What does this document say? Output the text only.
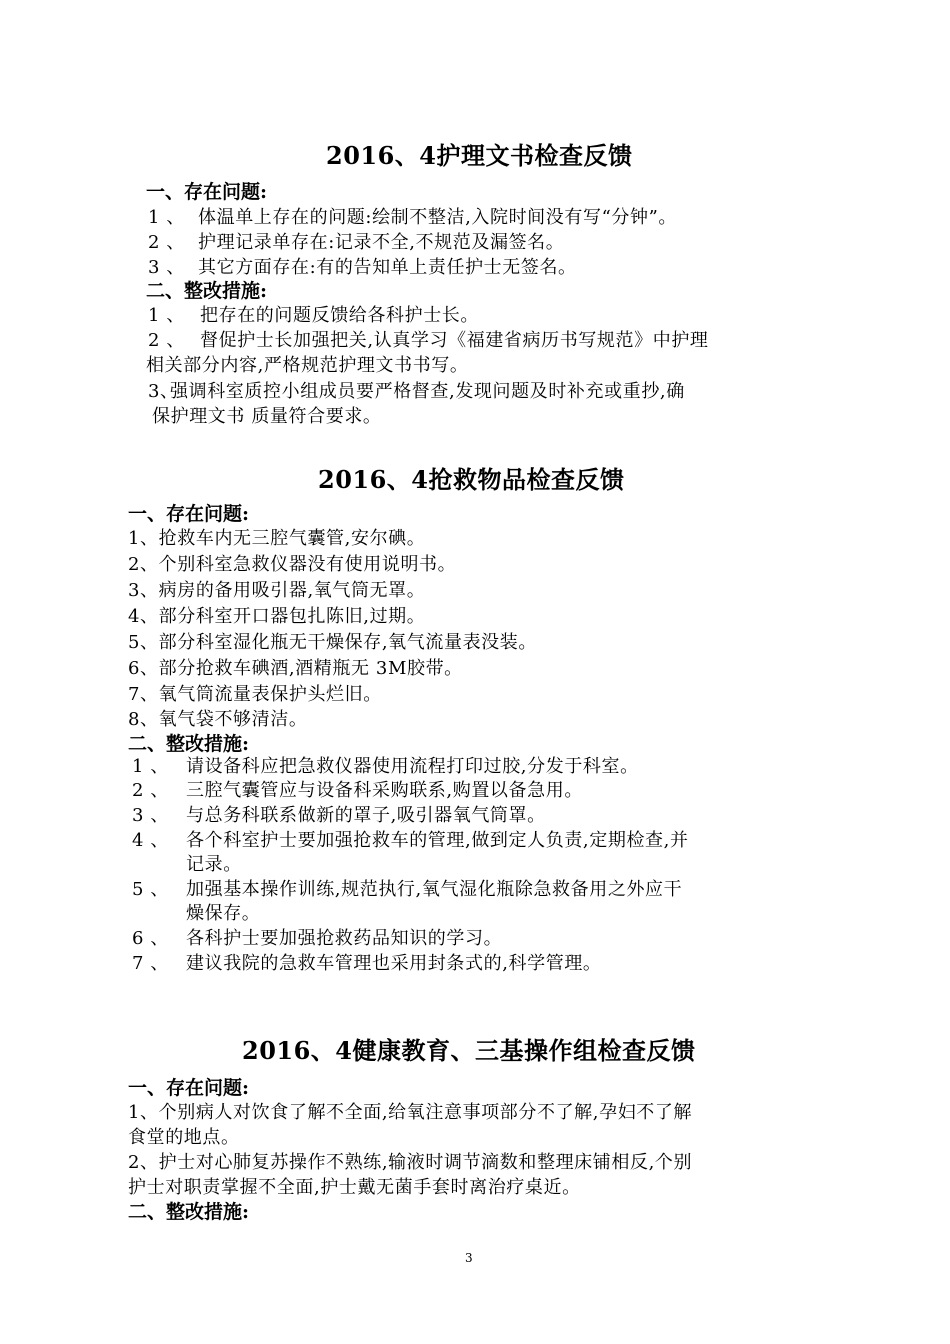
2016、4护理文书检查反馈
一、存在问题:
1 、 体温单上存在的问题:绘制不整洁,入院时间没有写“分钟”。
2 、 护理记录单存在:记录不全,不规范及漏签名。
3 、 其它方面存在:有的告知单上责任护士无签名。
二、整改措施:
1 、 把存在的问题反馈给各科护士长。
2 、 督促护士长加强把关,认真学习《福建省病历书写规范》中护理
相关部分内容,严格规范护理文书书写。
3、强调科室质控小组成员要严格督查,发现问题及时补充或重抄,确
保护理文书 质量符合要求。
2016、4抢救物品检查反馈
一、存在问题:
1、抢救车内无三腔气囊管,安尔碘。
2、个别科室急救仪器没有使用说明书。
3、病房的备用吸引器,氧气筒无罩。
4、部分科室开口器包扎陈旧,过期。
5、部分科室湿化瓶无干燥保存,氧气流量表没装。
6、部分抢救车碘酒,酒精瓶无 3M胶带。
7、氧气筒流量表保护头烂旧。
8、氧气袋不够清洁。
二、整改措施:
1 、 请设备科应把急救仪器使用流程打印过胶,分发于科室。
2 、 三腔气囊管应与设备科采购联系,购置以备急用。
3 、 与总务科联系做新的罩子,吸引器氧气筒罩。
4 、 各个科室护士要加强抢救车的管理,做到定人负责,定期检查,并
记录。
5 、 加强基本操作训练,规范执行,氧气湿化瓶除急救备用之外应干
燥保存。
6 、 各科护士要加强抢救药品知识的学习。
7 、 建议我院的急救车管理也采用封条式的,科学管理。
2016、4健康教育、三基操作组检查反馈
一、存在问题:
1、个别病人对饮食了解不全面,给氧注意事项部分不了解,孕妇不了解
食堂的地点。
2、护士对心肺复苏操作不熟练,输液时调节滴数和整理床铺相反,个别
护士对职责掌握不全面,护士戴无菌手套时离治疗桌近。
二、整改措施:
3
